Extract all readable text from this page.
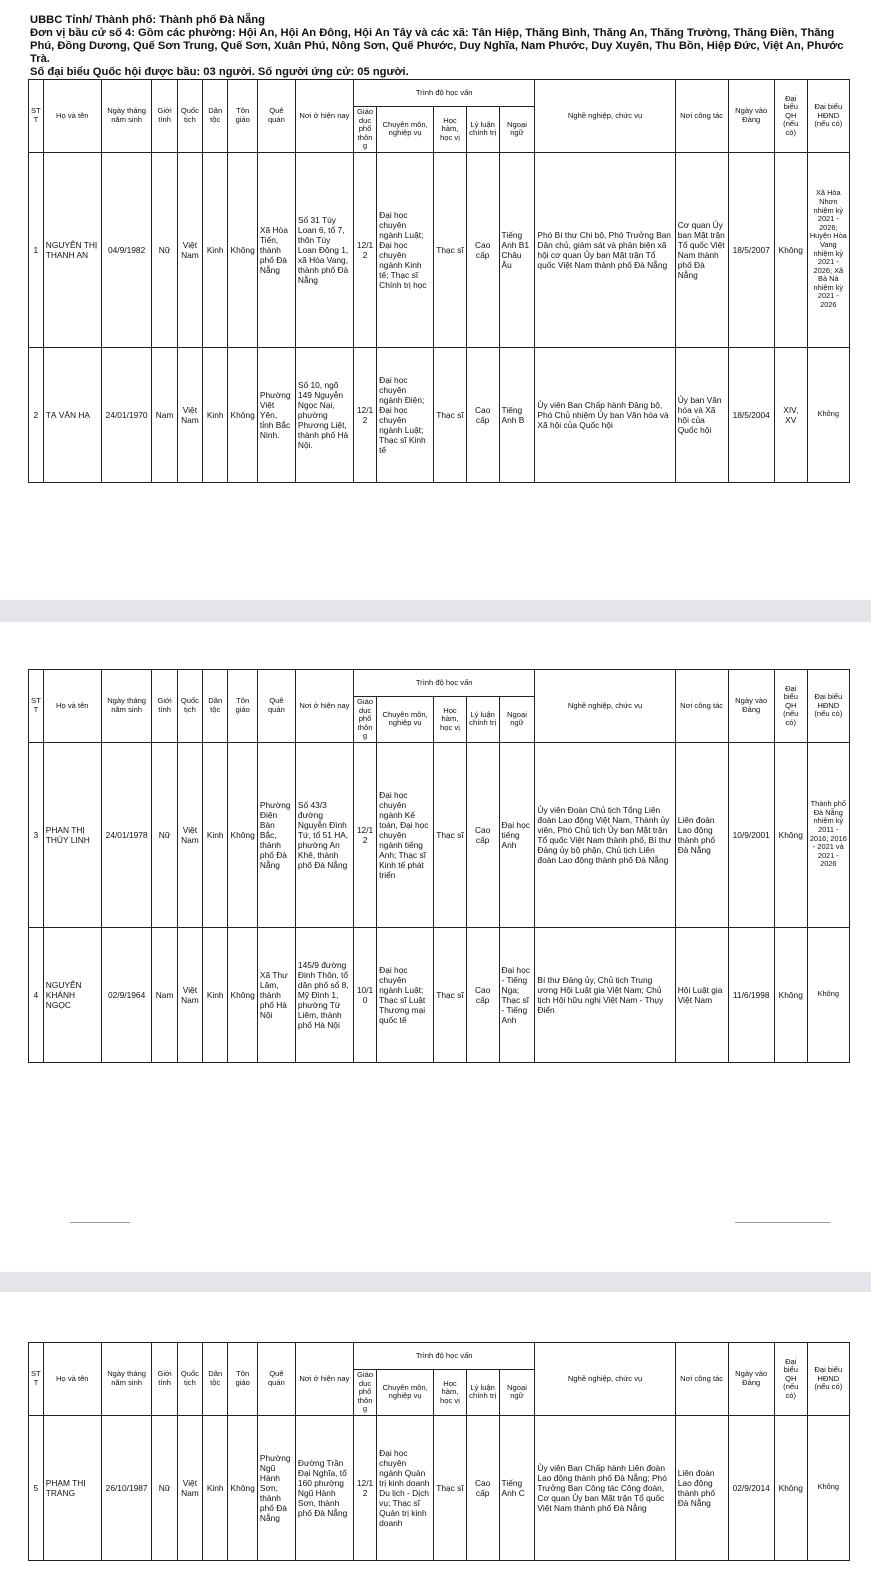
UBBC Tỉnh/ Thành phố: Thành phố Đà Nẵng
Đơn vị bầu cử số 4: Gồm các phường: Hội An, Hội An Đông, Hội An Tây và các xã: Tân Hiệp, Thăng Bình, Thăng An, Thăng Trường, Thăng Điền, Thăng Phú, Đồng Dương, Quế Sơn Trung, Quế Sơn, Xuân Phú, Nông Sơn, Quế Phước, Duy Nghĩa, Nam Phước, Duy Xuyên, Thu Bồn, Hiệp Đức, Việt An, Phước Trà.
Số đại biểu Quốc hội được bầu: 03 người. Số người ứng cử: 05 người.
STT	Họ và tên	Ngày tháng năm sinh	Giới tính	Quốc tịch	Dân tộc	Tôn giáo	Quê quán	Nơi ở hiện nay	Trình độ học vấn					Nghề nghiệp, chức vụ	Nơi công tác	Ngày vào Đảng	Đại biểu QH (nếu có)	Đại biểu HĐND (nếu có)
									Giáo dục phổ thông	Chuyên môn, nghiệp vụ	Học hàm, học vị	Lý luận chính trị	Ngoại ngữ					
1	NGUYỄN THỊ THANH AN	04/9/1982	Nữ	Việt Nam	Kinh	Không	Xã Hòa Tiến, thành phố Đà Nẵng	Số 31 Túy Loan 6, tổ 7, thôn Túy Loan Đông 1, xã Hòa Vang, thành phố Đà Nẵng	12/12	Đại học chuyên ngành Luật; Đại học chuyên ngành Kinh tế; Thạc sĩ Chính trị học	Thạc sĩ	Cao cấp	Tiếng Anh B1 Châu Âu	Phó Bí thư Chi bộ, Phó Trưởng Ban Dân chủ, giám sát và phản biện xã hội cơ quan Ủy ban Mặt trận Tổ quốc Việt Nam thành phố Đà Nẵng	Cơ quan Ủy ban Mặt trận Tổ quốc Việt Nam thành phố Đà Nẵng	18/5/2007	Không	Xã Hòa Nhơn nhiệm kỳ 2021 - 2026; Huyện Hòa Vang nhiệm kỳ 2021 - 2026; Xã Bà Nà nhiệm kỳ 2021 - 2026
2	TẠ VĂN HẠ	24/01/1970	Nam	Việt Nam	Kinh	Không	Phường Việt Yên, tỉnh Bắc Ninh.	Số 10, ngõ 149 Nguyễn Ngọc Nại, phường Phương Liệt, thành phố Hà Nội.	12/12	Đại học chuyên ngành Điện; Đại học chuyên ngành Luật; Thạc sĩ Kinh tế	Thạc sĩ	Cao cấp	Tiếng Anh B	Ủy viên Ban Chấp hành Đảng bộ, Phó Chủ nhiệm Ủy ban Văn hóa và Xã hội của Quốc hội	Ủy ban Văn hóa và Xã hội của Quốc hội	18/5/2004	XIV, XV	Không
STT	Họ và tên	Ngày tháng năm sinh	Giới tính	Quốc tịch	Dân tộc	Tôn giáo	Quê quán	Nơi ở hiện nay	Trình độ học vấn					Nghề nghiệp, chức vụ	Nơi công tác	Ngày vào Đảng	Đại biểu QH (nếu có)	Đại biểu HĐND (nếu có)
									Giáo dục phổ thông	Chuyên môn, nghiệp vụ	Học hàm, học vị	Lý luận chính trị	Ngoại ngữ					
3	PHAN THỊ THÚY LINH	24/01/1978	Nữ	Việt Nam	Kinh	Không	Phường Điện Bàn Bắc, thành phố Đà Nẵng	Số 43/3 đường Nguyễn Đình Tứ, tổ 51 HA, phường An Khê, thành phố Đà Nẵng	12/12	Đại học chuyên ngành Kế toán, Đại học chuyên ngành tiếng Anh; Thạc sĩ Kinh tế phát triển	Thạc sĩ	Cao cấp	Đại học tiếng Anh	Ủy viên Đoàn Chủ tịch Tổng Liên đoàn Lao động Việt Nam, Thành ủy viên, Phó Chủ tịch Ủy ban Mặt trận Tổ quốc Việt Nam thành phố, Bí thư Đảng ủy bộ phận, Chủ tịch Liên đoàn Lao động thành phố Đà Nẵng	Liên đoàn Lao động thành phố Đà Nẵng	10/9/2001	Không	Thành phố Đà Nẵng nhiệm kỳ 2011 - 2016; 2016 - 2021 và 2021 - 2026
4	NGUYỄN KHÁNH NGỌC	02/9/1964	Nam	Việt Nam	Kinh	Không	Xã Thư Lâm, thành phố Hà Nội	145/9 đường Đinh Thôn, tổ dân phố số 8, Mỹ Đình 1, phường Từ Liêm, thành phố Hà Nội	10/10	Đại học chuyên ngành Luật; Thạc sĩ Luật Thương mại quốc tế	Thạc sĩ	Cao cấp	Đại học - Tiếng Nga; Thạc sĩ - Tiếng Anh	Bí thư Đảng ủy, Chủ tịch Trung ương Hội Luật gia Việt Nam; Chủ tịch Hội hữu nghị Việt Nam - Thụy Điển	Hội Luật gia Việt Nam	11/6/1998	Không	Không
STT	Họ và tên	Ngày tháng năm sinh	Giới tính	Quốc tịch	Dân tộc	Tôn giáo	Quê quán	Nơi ở hiện nay	Trình độ học vấn					Nghề nghiệp, chức vụ	Nơi công tác	Ngày vào Đảng	Đại biểu QH (nếu có)	Đại biểu HĐND (nếu có)
									Giáo dục phổ thông	Chuyên môn, nghiệp vụ	Học hàm, học vị	Lý luận chính trị	Ngoại ngữ					
5	PHẠM THỊ TRANG	26/10/1987	Nữ	Việt Nam	Kinh	Không	Phường Ngũ Hành Sơn, thành phố Đà Nẵng	Đường Trần Đại Nghĩa, tổ 160 phường Ngũ Hành Sơn, thành phố Đà Nẵng	12/12	Đại học chuyên ngành Quản trị kinh doanh Du lịch - Dịch vụ; Thạc sĩ Quản trị kinh doanh	Thạc sĩ	Cao cấp	Tiếng Anh C	Ủy viên Ban Chấp hành Liên đoàn Lao động thành phố Đà Nẵng; Phó Trưởng Ban Công tác Công đoàn, Cơ quan Ủy ban Mặt trận Tổ quốc Việt Nam thành phố Đà Nẵng	Liên đoàn Lao động thành phố Đà Nẵng	02/9/2014	Không	Không
